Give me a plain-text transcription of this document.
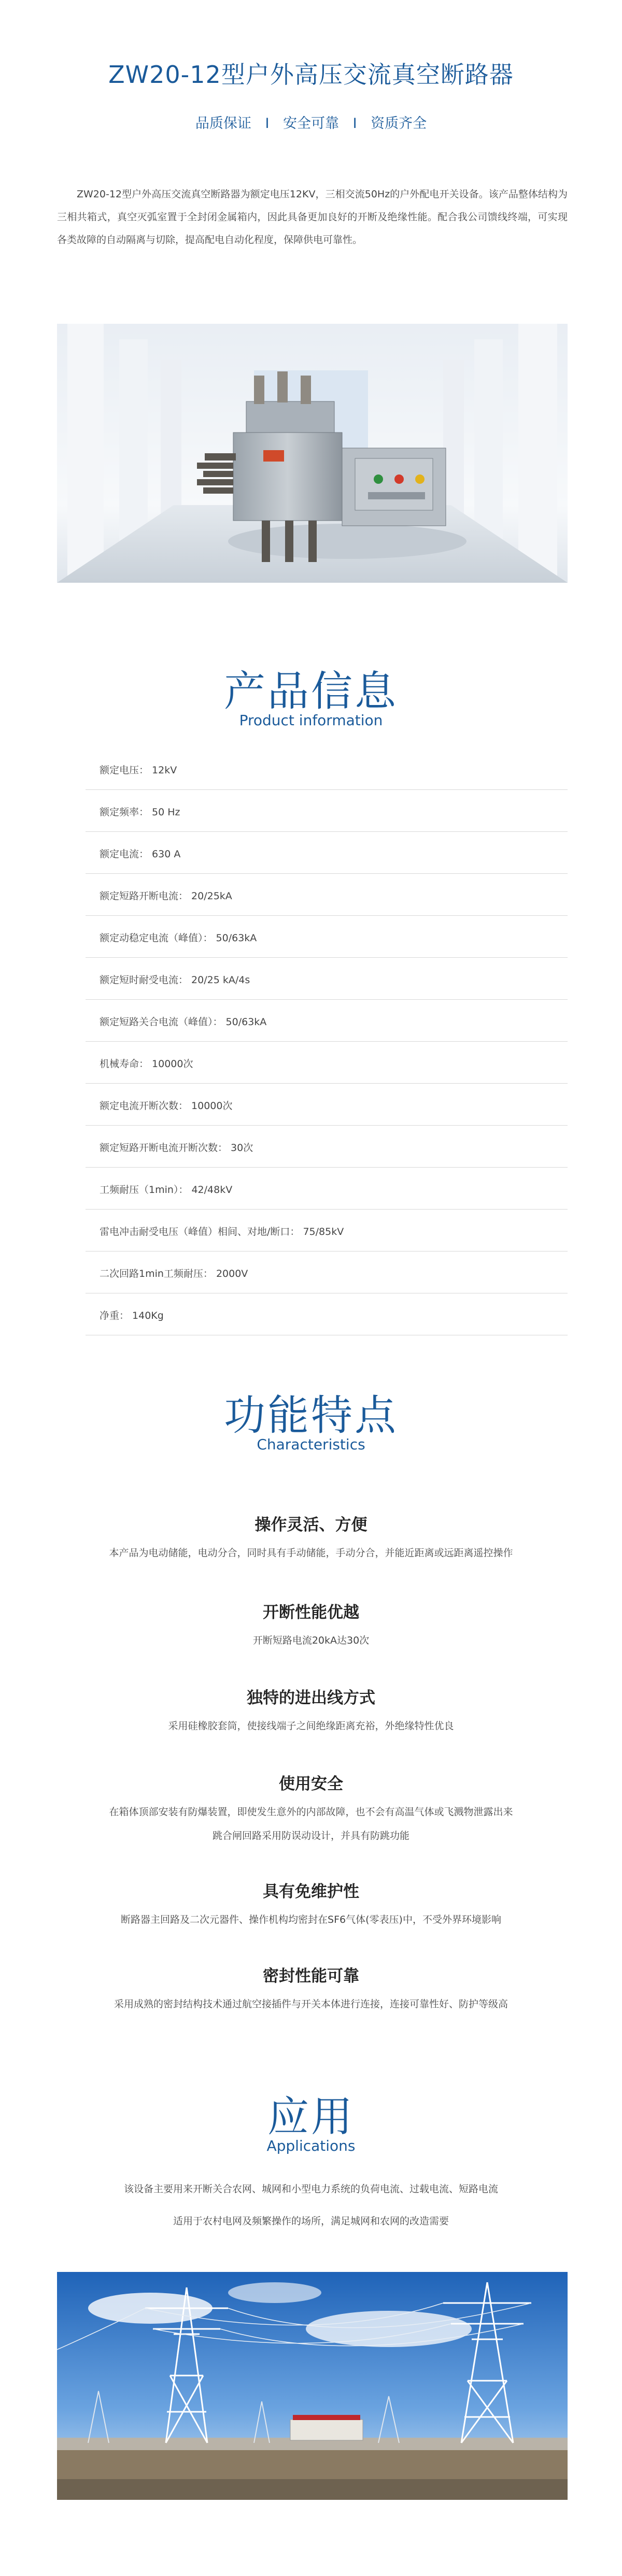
ZW20-12型户外高压交流真空断路器
品质保证 I 安全可靠 I 资质齐全

ZW20-12型户外高压交流真空断路器为额定电压12KV，三相交流50Hz的户外配电开关设备。该产品整体结构为三相共箱式，真空灭弧室置于全封闭金属箱内，因此具备更加良好的开断及绝缘性能。配合我公司馈线终端，可实现各类故障的自动隔离与切除，提高配电自动化程度，保障供电可靠性。

产品信息
Product information
额定电压： 12kV
额定频率： 50 Hz
额定电流： 630 A
额定短路开断电流： 20/25kA
额定动稳定电流（峰值）： 50/63kA
额定短时耐受电流： 20/25 kA/4s
额定短路关合电流（峰值）： 50/63kA
机械寿命： 10000次
额定电流开断次数： 10000次
额定短路开断电流开断次数： 30次
工频耐压（1min）： 42/48kV
雷电冲击耐受电压（峰值）相间、对地/断口： 75/85kV
二次回路1min工频耐压： 2000V
净重： 140Kg
功能特点
Characteristics

操作灵活、方便

本产品为电动储能，电动分合，同时具有手动储能，手动分合，并能近距离或远距离遥控操作

开断性能优越

开断短路电流20kA达30次

独特的进出线方式

采用硅橡胶套筒，使接线端子之间绝缘距离充裕，外绝缘特性优良

使用安全

在箱体顶部安装有防爆装置，即使发生意外的内部故障，也不会有高温气体或飞溅物泄露出来

跳合闸回路采用防误动设计，并具有防跳功能

具有免维护性

断路器主回路及二次元器件、操作机构均密封在SF6气体(零表压)中，不受外界环境影响

密封性能可靠

采用成熟的密封结构技术通过航空接插件与开关本体进行连接，连接可靠性好、防护等级高

应用
Applications
该设备主要用来开断关合农网、城网和小型电力系统的负荷电流、过载电流、短路电流
适用于农村电网及频繁操作的场所，满足城网和农网的改造需要
